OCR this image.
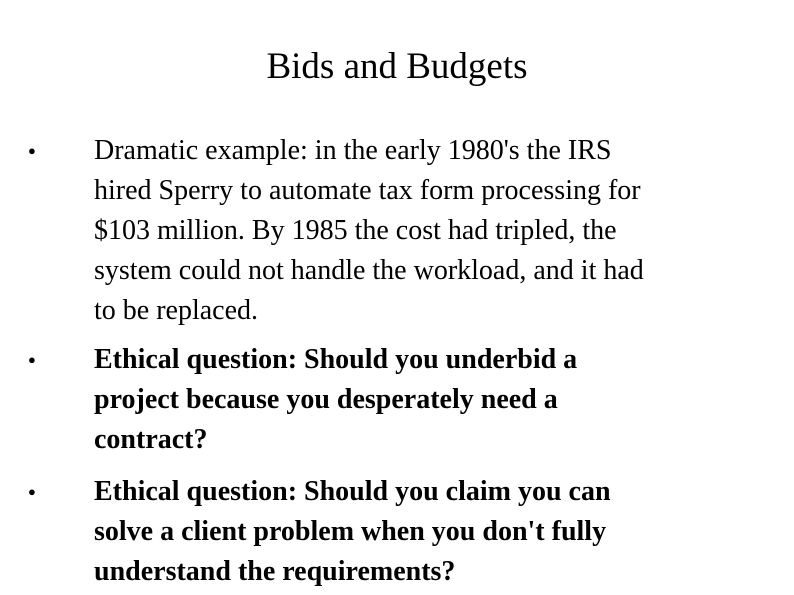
Bids and Budgets
● Dramatic example: in the early 1980's the IRS
hired Sperry to automate tax form processing for
$103 million. By 1985 the cost had tripled, the
system could not handle the workload, and it had
to be replaced.
● Ethical question: Should you underbid a
project because you desperately need a
contract?
● Ethical question: Should you claim you can
solve a client problem when you don't fully
understand the requirements?
